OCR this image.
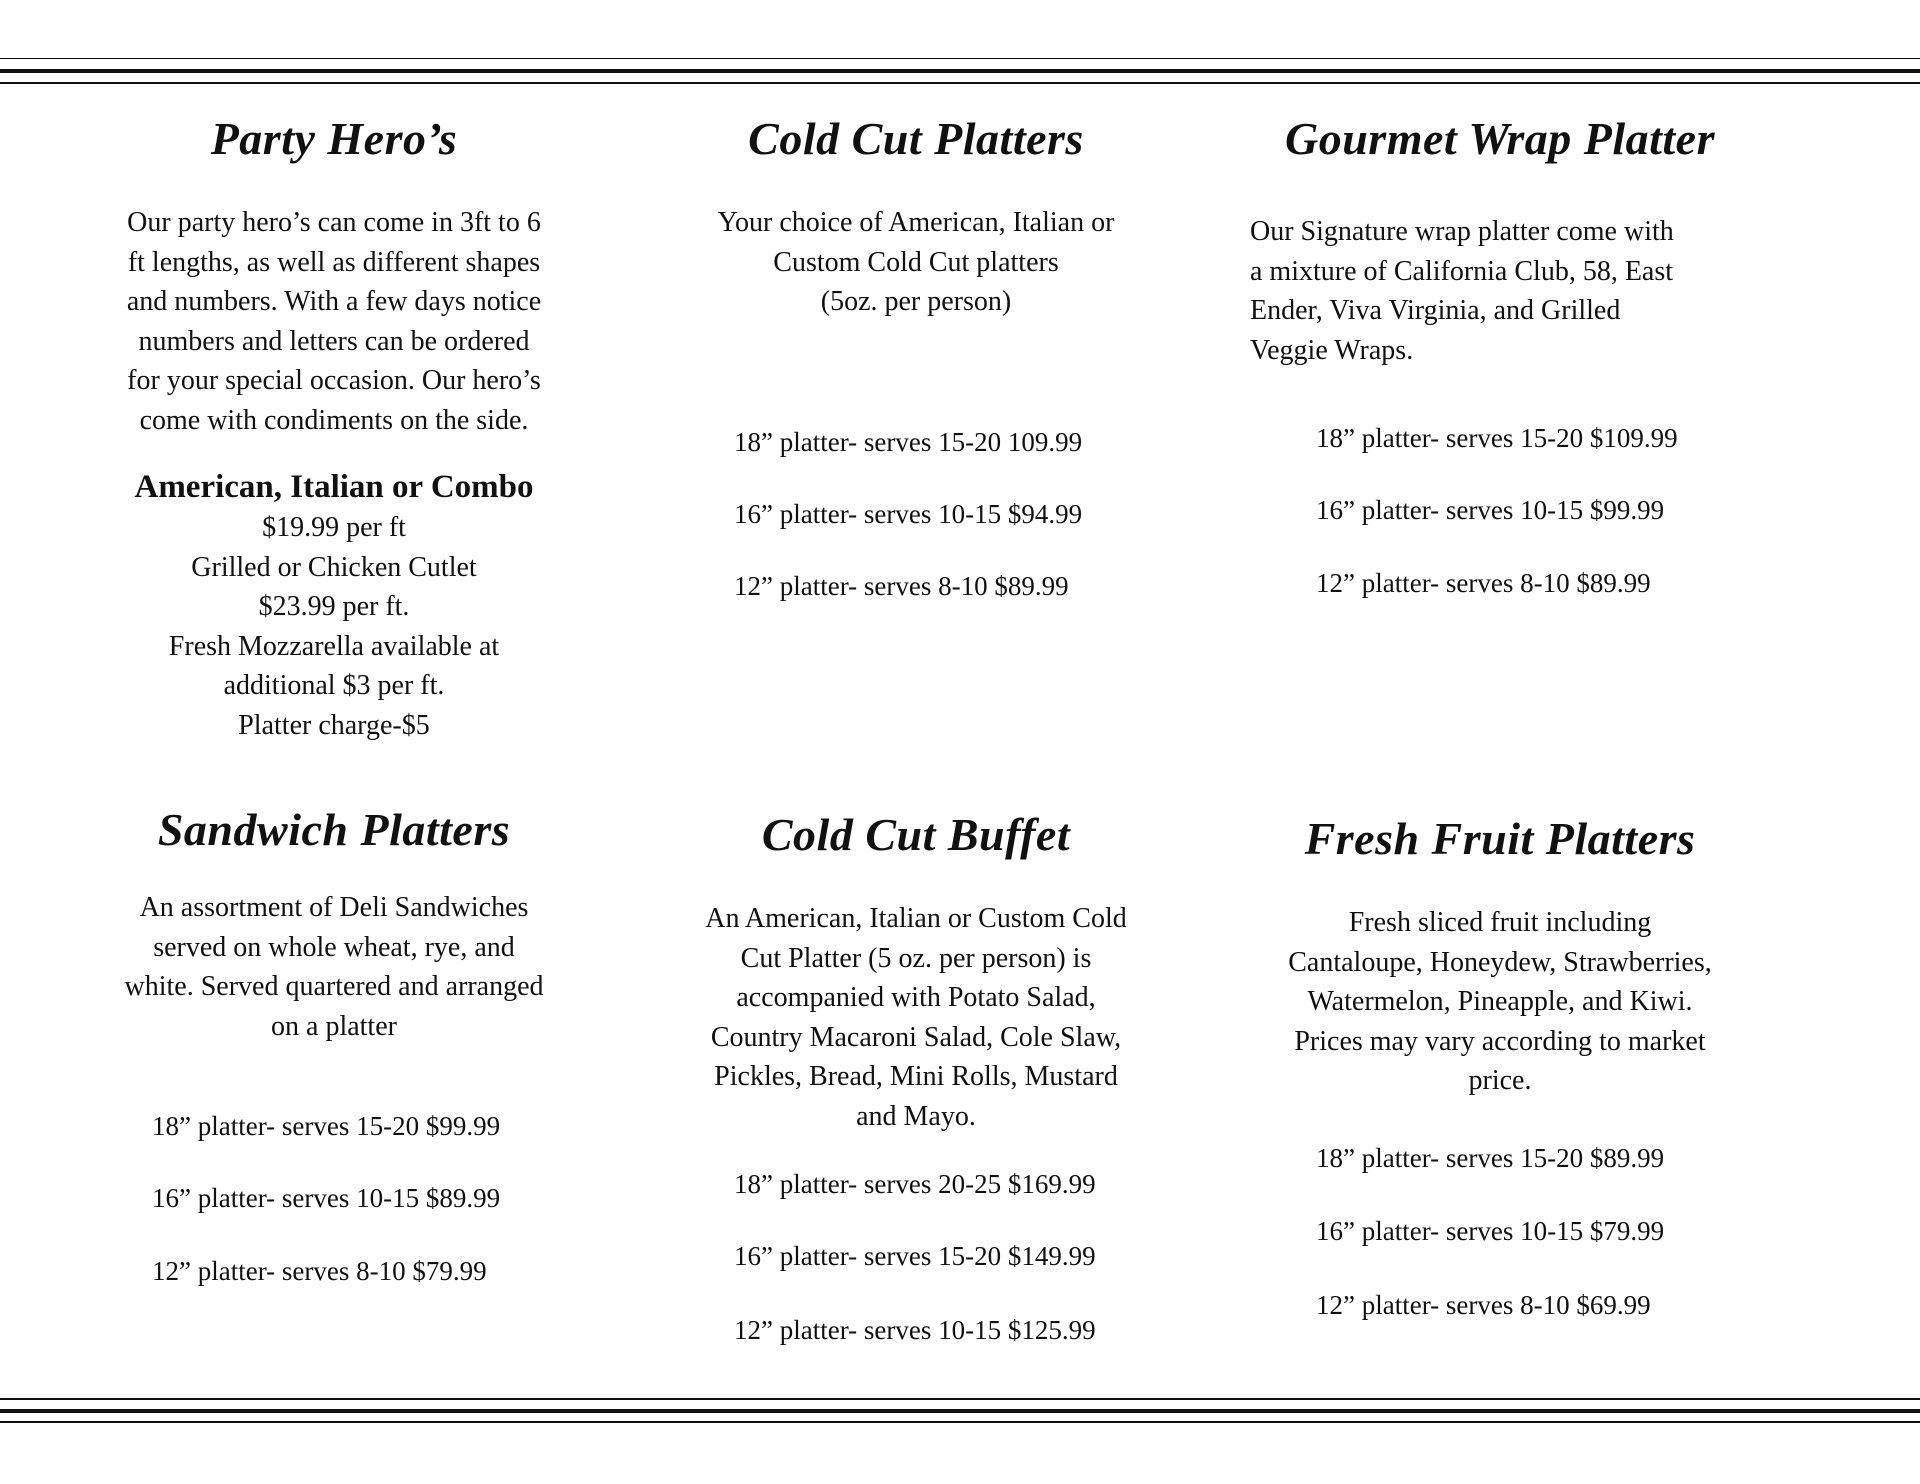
Party Hero’s
Our party hero’s can come in 3ft to 6
ft lengths, as well as different shapes
and numbers. With a few days notice
numbers and letters can be ordered
for your special occasion. Our hero’s
come with condiments on the side.
American, Italian or Combo
$19.99 per ft
Grilled or Chicken Cutlet
$23.99 per ft.
Fresh Mozzarella available at
additional $3 per ft.
Platter charge-$5
Cold Cut Platters
Your choice of American, Italian or
Custom Cold Cut platters
(5oz. per person)
18” platter- serves 15-20 109.99
16” platter- serves 10-15 $94.99
12” platter- serves 8-10 $89.99
Gourmet Wrap Platter
Our Signature wrap platter come with
a mixture of California Club, 58, East
Ender, Viva Virginia, and Grilled
Veggie Wraps.
18” platter- serves 15-20 $109.99
16” platter- serves 10-15 $99.99
12” platter- serves 8-10 $89.99
Sandwich Platters
An assortment of Deli Sandwiches
served on whole wheat, rye, and
white. Served quartered and arranged
on a platter
18” platter- serves 15-20 $99.99
16” platter- serves 10-15 $89.99
12” platter- serves 8-10 $79.99
Cold Cut Buffet
An American, Italian or Custom Cold
Cut Platter (5 oz. per person) is
accompanied with Potato Salad,
Country Macaroni Salad, Cole Slaw,
Pickles, Bread, Mini Rolls, Mustard
and Mayo.
18” platter- serves 20-25 $169.99
16” platter- serves 15-20 $149.99
12” platter- serves 10-15 $125.99
Fresh Fruit Platters
Fresh sliced fruit including
Cantaloupe, Honeydew, Strawberries,
Watermelon, Pineapple, and Kiwi.
Prices may vary according to market
price.
18” platter- serves 15-20 $89.99
16” platter- serves 10-15 $79.99
12” platter- serves 8-10 $69.99
